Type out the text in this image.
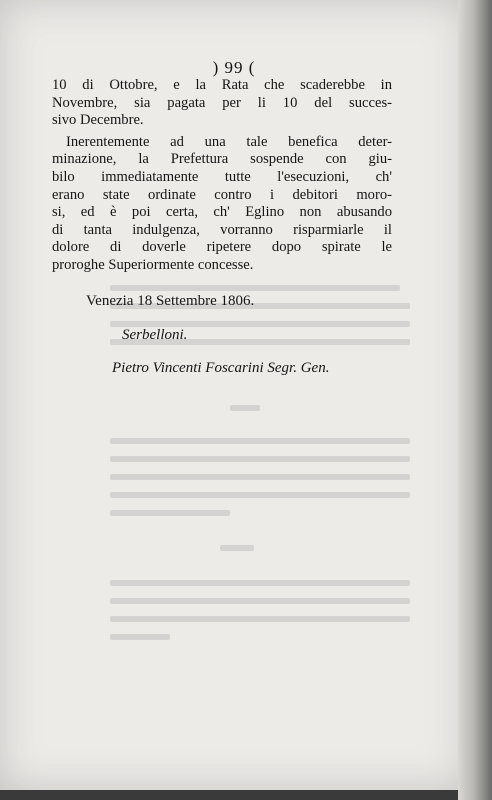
) 99 (
10 di Ottobre, e la Rata che scaderebbe in
Novembre, sia pagata per li 10 del succes-
sivo Decembre.
Inerentemente ad una tale benefica deter-
minazione, la Prefettura sospende con giu-
bilo immediatamente tutte l'esecuzioni, ch'
erano state ordinate contro i debitori moro-
si, ed è poi certa, ch' Eglino non abusando
di tanta indulgenza, vorranno risparmiarle il
dolore di doverle ripetere dopo spirate le
proroghe Superiormente concesse.
Venezia 18 Settembre 1806.
Serbelloni.
Pietro Vincenti Foscarini Segr. Gen.
